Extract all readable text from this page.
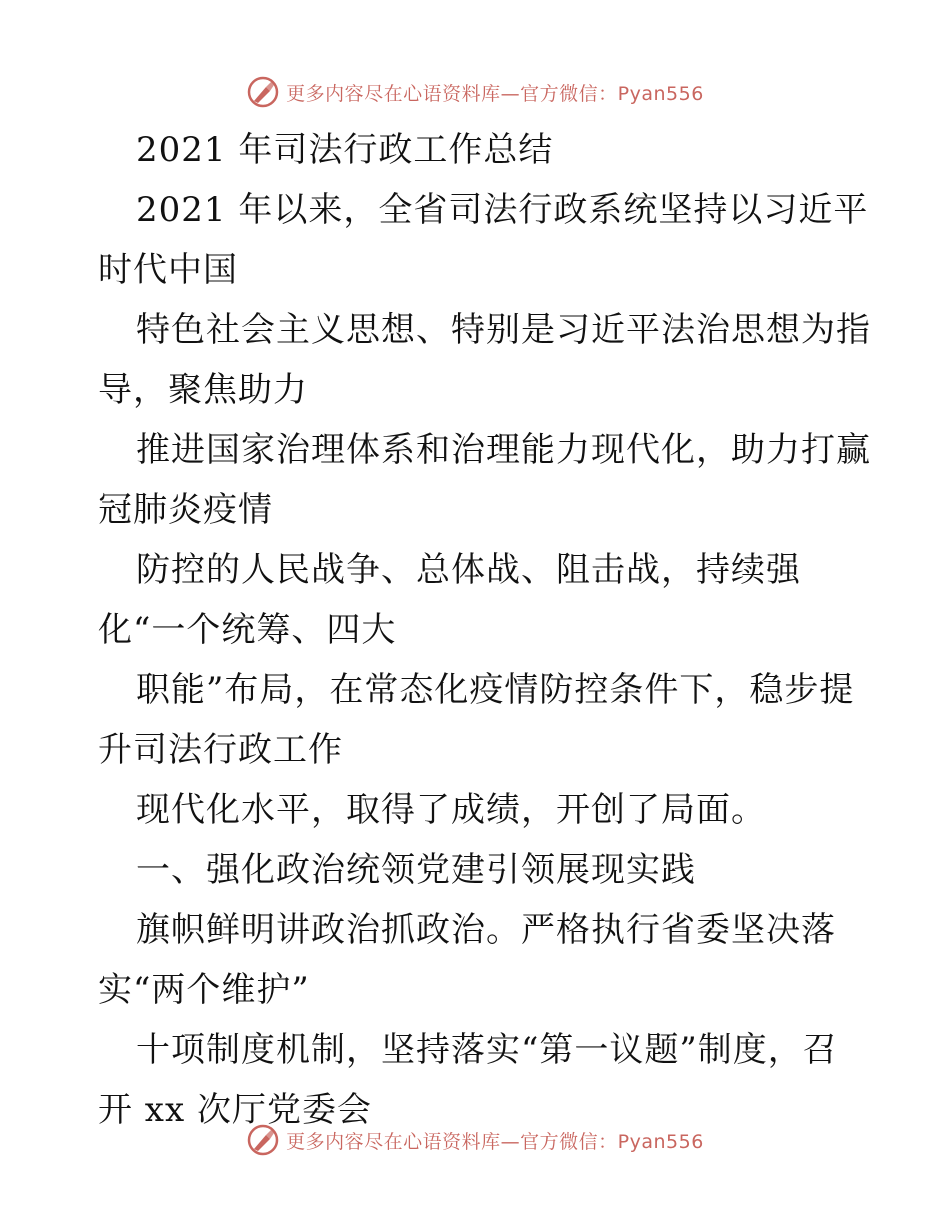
更多内容尽在心语资料库—官方微信：Pyan556
2021 年司法行政工作总结
2021 年以来，全省司法行政系统坚持以习近平
时代中国
特色社会主义思想、特别是习近平法治思想为指
导，聚焦助力
推进国家治理体系和治理能力现代化，助力打赢
冠肺炎疫情
防控的人民战争、总体战、阻击战，持续强
化“一个统筹、四大
职能”布局，在常态化疫情防控条件下，稳步提
升司法行政工作
现代化水平，取得了成绩，开创了局面。
一、强化政治统领党建引领展现实践
旗帜鲜明讲政治抓政治。严格执行省委坚决落
实“两个维护”
十项制度机制，坚持落实“第一议题”制度，召
开 xx 次厅党委会
更多内容尽在心语资料库—官方微信：Pyan556
